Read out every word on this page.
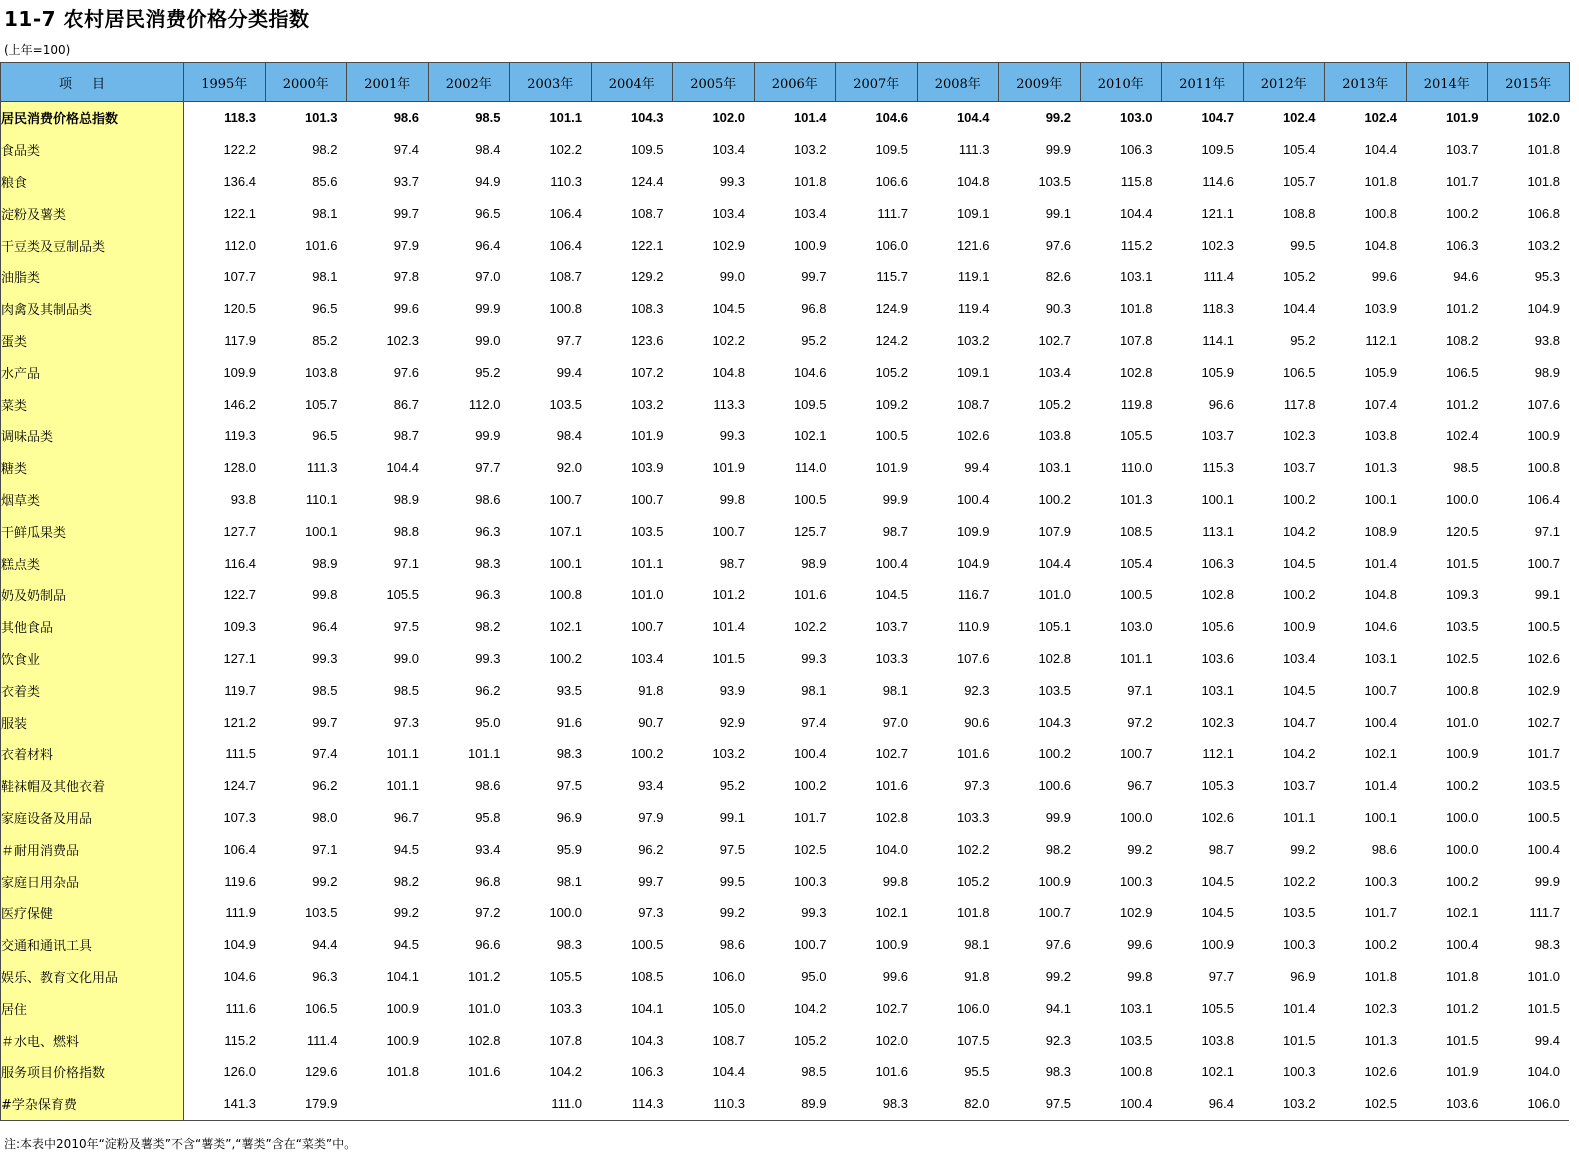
11-7 农村居民消费价格分类指数
(上年=100)
项目	1995年	2000年	2001年	2002年	2003年	2004年	2005年	2006年	2007年	2008年	2009年	2010年	2011年	2012年	2013年	2014年	2015年
居民消费价格总指数	118.3	101.3	98.6	98.5	101.1	104.3	102.0	101.4	104.6	104.4	99.2	103.0	104.7	102.4	102.4	101.9	102.0
食品类	122.2	98.2	97.4	98.4	102.2	109.5	103.4	103.2	109.5	111.3	99.9	106.3	109.5	105.4	104.4	103.7	101.8
粮食	136.4	85.6	93.7	94.9	110.3	124.4	99.3	101.8	106.6	104.8	103.5	115.8	114.6	105.7	101.8	101.7	101.8
淀粉及薯类	122.1	98.1	99.7	96.5	106.4	108.7	103.4	103.4	111.7	109.1	99.1	104.4	121.1	108.8	100.8	100.2	106.8
干豆类及豆制品类	112.0	101.6	97.9	96.4	106.4	122.1	102.9	100.9	106.0	121.6	97.6	115.2	102.3	99.5	104.8	106.3	103.2
油脂类	107.7	98.1	97.8	97.0	108.7	129.2	99.0	99.7	115.7	119.1	82.6	103.1	111.4	105.2	99.6	94.6	95.3
肉禽及其制品类	120.5	96.5	99.6	99.9	100.8	108.3	104.5	96.8	124.9	119.4	90.3	101.8	118.3	104.4	103.9	101.2	104.9
蛋类	117.9	85.2	102.3	99.0	97.7	123.6	102.2	95.2	124.2	103.2	102.7	107.8	114.1	95.2	112.1	108.2	93.8
水产品	109.9	103.8	97.6	95.2	99.4	107.2	104.8	104.6	105.2	109.1	103.4	102.8	105.9	106.5	105.9	106.5	98.9
菜类	146.2	105.7	86.7	112.0	103.5	103.2	113.3	109.5	109.2	108.7	105.2	119.8	96.6	117.8	107.4	101.2	107.6
调味品类	119.3	96.5	98.7	99.9	98.4	101.9	99.3	102.1	100.5	102.6	103.8	105.5	103.7	102.3	103.8	102.4	100.9
糖类	128.0	111.3	104.4	97.7	92.0	103.9	101.9	114.0	101.9	99.4	103.1	110.0	115.3	103.7	101.3	98.5	100.8
烟草类	93.8	110.1	98.9	98.6	100.7	100.7	99.8	100.5	99.9	100.4	100.2	101.3	100.1	100.2	100.1	100.0	106.4
干鲜瓜果类	127.7	100.1	98.8	96.3	107.1	103.5	100.7	125.7	98.7	109.9	107.9	108.5	113.1	104.2	108.9	120.5	97.1
糕点类	116.4	98.9	97.1	98.3	100.1	101.1	98.7	98.9	100.4	104.9	104.4	105.4	106.3	104.5	101.4	101.5	100.7
奶及奶制品	122.7	99.8	105.5	96.3	100.8	101.0	101.2	101.6	104.5	116.7	101.0	100.5	102.8	100.2	104.8	109.3	99.1
其他食品	109.3	96.4	97.5	98.2	102.1	100.7	101.4	102.2	103.7	110.9	105.1	103.0	105.6	100.9	104.6	103.5	100.5
饮食业	127.1	99.3	99.0	99.3	100.2	103.4	101.5	99.3	103.3	107.6	102.8	101.1	103.6	103.4	103.1	102.5	102.6
衣着类	119.7	98.5	98.5	96.2	93.5	91.8	93.9	98.1	98.1	92.3	103.5	97.1	103.1	104.5	100.7	100.8	102.9
服装	121.2	99.7	97.3	95.0	91.6	90.7	92.9	97.4	97.0	90.6	104.3	97.2	102.3	104.7	100.4	101.0	102.7
衣着材料	111.5	97.4	101.1	101.1	98.3	100.2	103.2	100.4	102.7	101.6	100.2	100.7	112.1	104.2	102.1	100.9	101.7
鞋袜帽及其他衣着	124.7	96.2	101.1	98.6	97.5	93.4	95.2	100.2	101.6	97.3	100.6	96.7	105.3	103.7	101.4	100.2	103.5
家庭设备及用品	107.3	98.0	96.7	95.8	96.9	97.9	99.1	101.7	102.8	103.3	99.9	100.0	102.6	101.1	100.1	100.0	100.5
＃耐用消费品	106.4	97.1	94.5	93.4	95.9	96.2	97.5	102.5	104.0	102.2	98.2	99.2	98.7	99.2	98.6	100.0	100.4
家庭日用杂品	119.6	99.2	98.2	96.8	98.1	99.7	99.5	100.3	99.8	105.2	100.9	100.3	104.5	102.2	100.3	100.2	99.9
医疗保健	111.9	103.5	99.2	97.2	100.0	97.3	99.2	99.3	102.1	101.8	100.7	102.9	104.5	103.5	101.7	102.1	111.7
交通和通讯工具	104.9	94.4	94.5	96.6	98.3	100.5	98.6	100.7	100.9	98.1	97.6	99.6	100.9	100.3	100.2	100.4	98.3
娱乐、教育文化用品	104.6	96.3	104.1	101.2	105.5	108.5	106.0	95.0	99.6	91.8	99.2	99.8	97.7	96.9	101.8	101.8	101.0
居住	111.6	106.5	100.9	101.0	103.3	104.1	105.0	104.2	102.7	106.0	94.1	103.1	105.5	101.4	102.3	101.2	101.5
＃水电、燃料	115.2	111.4	100.9	102.8	107.8	104.3	108.7	105.2	102.0	107.5	92.3	103.5	103.8	101.5	101.3	101.5	99.4
服务项目价格指数	126.0	129.6	101.8	101.6	104.2	106.3	104.4	98.5	101.6	95.5	98.3	100.8	102.1	100.3	102.6	101.9	104.0
#学杂保育费	141.3	179.9			111.0	114.3	110.3	89.9	98.3	82.0	97.5	100.4	96.4	103.2	102.5	103.6	106.0
注:本表中2010年“淀粉及薯类”不含“薯类”,“薯类”含在“菜类”中。
